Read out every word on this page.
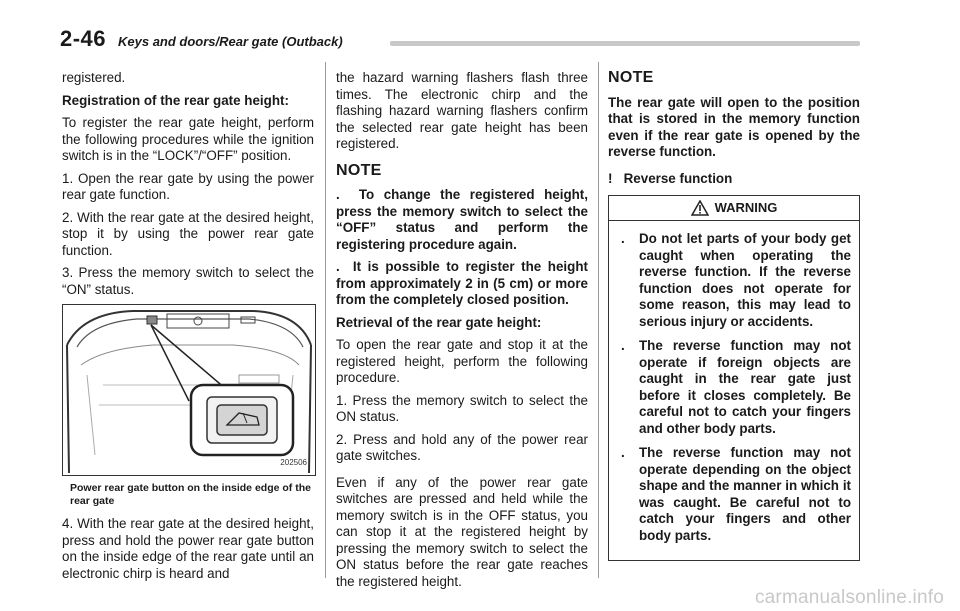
2-46 Keys and doors/Rear gate (Outback)

registered.

Registration of the rear gate height:

To register the rear gate height, perform the following procedures while the ignition switch is in the “LOCK”/“OFF” position.

1. Open the rear gate by using the power rear gate function.

2. With the rear gate at the desired height, stop it by using the power rear gate function.

3. Press the memory switch to select the “ON” status.

202506
Power rear gate button on the inside edge of the rear gate

4. With the rear gate at the desired height, press and hold the power rear gate button on the inside edge of the rear gate until an electronic chirp is heard and

the hazard warning flashers flash three times. The electronic chirp and the flashing hazard warning flashers confirm the selected rear gate height has been registered.

NOTE

. To change the registered height, press the memory switch to select the “OFF” status and perform the registering procedure again.

. It is possible to register the height from approximately 2 in (5 cm) or more from the completely closed position.

Retrieval of the rear gate height:

To open the rear gate and stop it at the registered height, perform the following procedure.

1. Press the memory switch to select the ON status.

2. Press and hold any of the power rear gate switches.

Even if any of the power rear gate switches are pressed and held while the memory switch is in the OFF status, you can stop it at the registered height by pressing the memory switch to select the ON status before the rear gate reaches the registered height.

NOTE

The rear gate will open to the position that is stored in the memory function even if the rear gate is opened by the reverse function.

! Reverse function

WARNING
.	Do not let parts of your body get caught when operating the reverse function. If the reverse function does not operate for some reason, this may lead to serious injury or accidents.
.	The reverse function may not operate if foreign objects are caught in the rear gate just before it closes completely. Be careful not to catch your fingers and other body parts.
.	The reverse function may not operate depending on the object shape and the manner in which it was caught. Be careful not to catch your fingers and other body parts.
carmanualsonline.info
